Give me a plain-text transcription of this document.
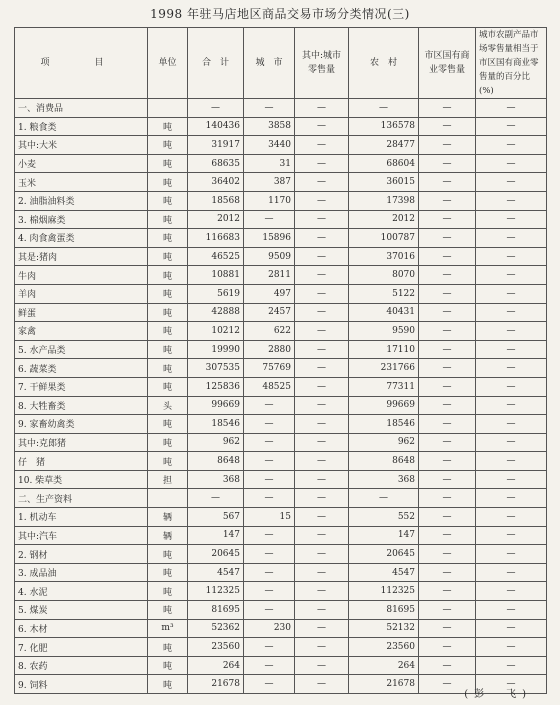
1998 年驻马店地区商品交易市场分类情况(三)
项　目	单位	合　计	城　市	其中:城市零售量	农　村	市区国有商业零售量	城市农副产品市场零售量相当于市区国有商业零售量的百分比(%)
一、消费品		—	—	—	—	—	—
1. 粮食类	吨	140436	3858	—	136578	—	—
其中:大米	吨	31917	3440	—	28477	—	—
小麦	吨	68635	31	—	68604	—	—
玉米	吨	36402	387	—	36015	—	—
2. 油脂油料类	吨	18568	1170	—	17398	—	—
3. 棉烟麻类	吨	2012	—	—	2012	—	—
4. 肉食禽蛋类	吨	116683	15896	—	100787	—	—
其是:猪肉	吨	46525	9509	—	37016	—	—
牛肉	吨	10881	2811	—	8070	—	—
羊肉	吨	5619	497	—	5122	—	—
鲜蛋	吨	42888	2457	—	40431	—	—
家禽	吨	10212	622	—	9590	—	—
5. 水产品类	吨	19990	2880	—	17110	—	—
6. 蔬菜类	吨	307535	75769	—	231766	—	—
7. 干鲜果类	吨	125836	48525	—	77311	—	—
8. 大牲畜类	头	99669	—	—	99669	—	—
9. 家畜幼禽类	吨	18546	—	—	18546	—	—
其中:克郎猪	吨	962	—	—	962	—	—
仔　猪	吨	8648	—	—	8648	—	—
10. 柴草类	担	368	—	—	368	—	—
二、生产资料		—	—	—	—	—	—
1. 机动车	辆	567	15	—	552	—	—
其中:汽车	辆	147	—	—	147	—	—
2. 钢材	吨	20645	—	—	20645	—	—
3. 成品油	吨	4547	—	—	4547	—	—
4. 水泥	吨	112325	—	—	112325	—	—
5. 煤炭	吨	81695	—	—	81695	—	—
6. 木材	m³	52362	230	—	52132	—	—
7. 化肥	吨	23560	—	—	23560	—	—
8. 农药	吨	264	—	—	264	—	—
9. 饲料	吨	21678	—	—	21678	—	—
(彭　飞)
